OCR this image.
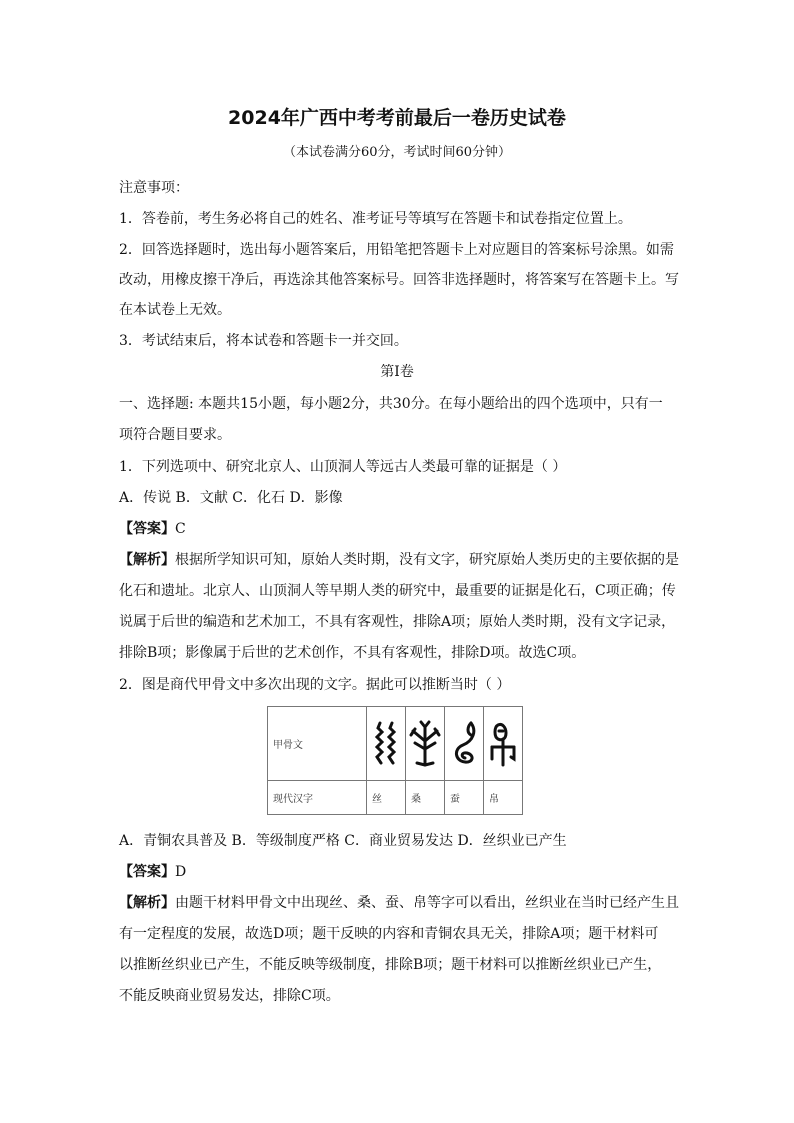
2024年广西中考考前最后一卷历史试卷
（本试卷满分60分，考试时间60分钟）
注意事项：
1．答卷前，考生务必将自己的姓名、准考证号等填写在答题卡和试卷指定位置上。
2．回答选择题时，选出每小题答案后，用铅笔把答题卡上对应题目的答案标号涂黑。如需
改动，用橡皮擦干净后，再选涂其他答案标号。回答非选择题时，将答案写在答题卡上。写
在本试卷上无效。
3．考试结束后，将本试卷和答题卡一并交回。
第Ⅰ卷
一、选择题: 本题共15小题，每小题2分，共30分。在每小题给出的四个选项中，只有一
项符合题目要求。
1．下列选项中、研究北京人、山顶洞人等远古人类最可靠的证据是（ ）
A．传说 B．文献 C．化石 D．影像
【答案】C
【解析】根据所学知识可知，原始人类时期，没有文字，研究原始人类历史的主要依据的是
化石和遗址。北京人、山顶洞人等早期人类的研究中，最重要的证据是化石，C项正确；传
说属于后世的编造和艺术加工，不具有客观性，排除A项；原始人类时期，没有文字记录，
排除B项；影像属于后世的艺术创作，不具有客观性，排除D项。故选C项。
2．图是商代甲骨文中多次出现的文字。据此可以推断当时（ ）
甲骨文	

现代汉字	丝	桑	蚕	帛
A．青铜农具普及 B．等级制度严格 C．商业贸易发达 D．丝织业已产生
【答案】D
【解析】由题干材料甲骨文中出现丝、桑、蚕、帛等字可以看出，丝织业在当时已经产生且
有一定程度的发展，故选D项；题干反映的内容和青铜农具无关，排除A项；题干材料可
以推断丝织业已产生，不能反映等级制度，排除B项；题干材料可以推断丝织业已产生，
不能反映商业贸易发达，排除C项。
